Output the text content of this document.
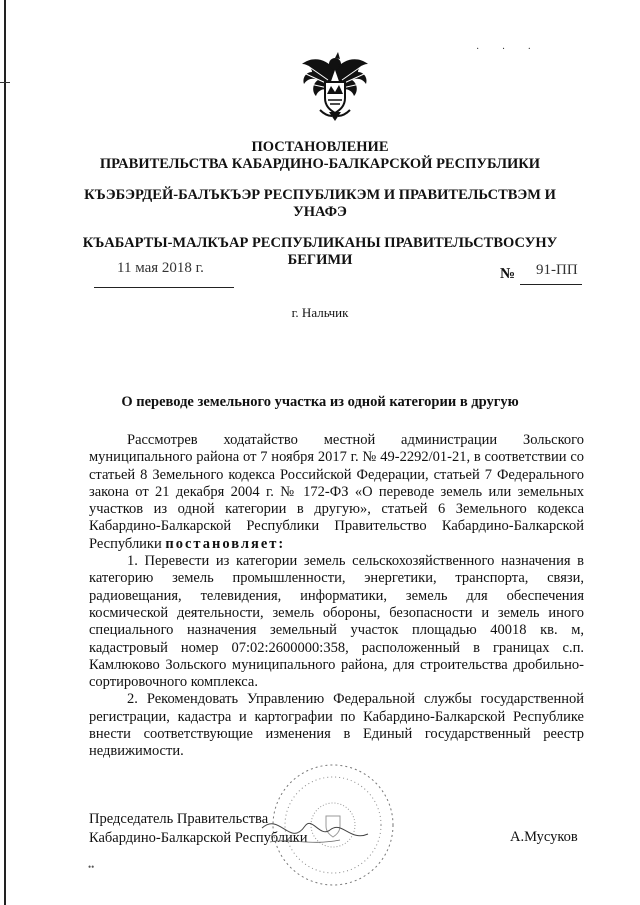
· · ·
ПОСТАНОВЛЕНИЕ
ПРАВИТЕЛЬСТВА КАБАРДИНО-БАЛКАРСКОЙ РЕСПУБЛИКИ
КЪЭБЭРДЕЙ-БАЛЪКЪЭР РЕСПУБЛИКЭМ И ПРАВИТЕЛЬСТВЭМ И
УНАФЭ
КЪАБАРТЫ-МАЛКЪАР РЕСПУБЛИКАНЫ ПРАВИТЕЛЬСТВОСУНУ
БЕГИМИ
11 мая 2018 г.	№ 91-ПП
г. Нальчик
О переводе земельного участка из одной категории в другую

Рассмотрев ходатайство местной администрации Зольского муниципального района от 7 ноября 2017 г. № 49-2292/01-21, в соответствии со статьей 8 Земельного кодекса Российской Федерации, статьей 7 Федерального закона от 21 декабря 2004 г. № 172-ФЗ «О переводе земель или земельных участков из одной категории в другую», статьей 6 Земельного кодекса Кабардино-Балкарской Республики Правительство Кабардино-Балкарской Республики постановляет:

1. Перевести из категории земель сельскохозяйственного назначения в категорию земель промышленности, энергетики, транспорта, связи, радиовещания, телевидения, информатики, земель для обеспечения космической деятельности, земель обороны, безопасности и земель иного специального назначения земельный участок площадью 40018 кв. м, кадастровый номер 07:02:2600000:358, расположенный в границах с.п. Камлюково Зольского муниципального района, для строительства дробильно-сортировочного комплекса.

2. Рекомендовать Управлению Федеральной службы государственной регистрации, кадастра и картографии по Кабардино-Балкарской Республике внести соответствующие изменения в Единый государственный реестр недвижимости.

Председатель Правительства
Кабардино-Балкарской Республики	А.Мусуков
••
